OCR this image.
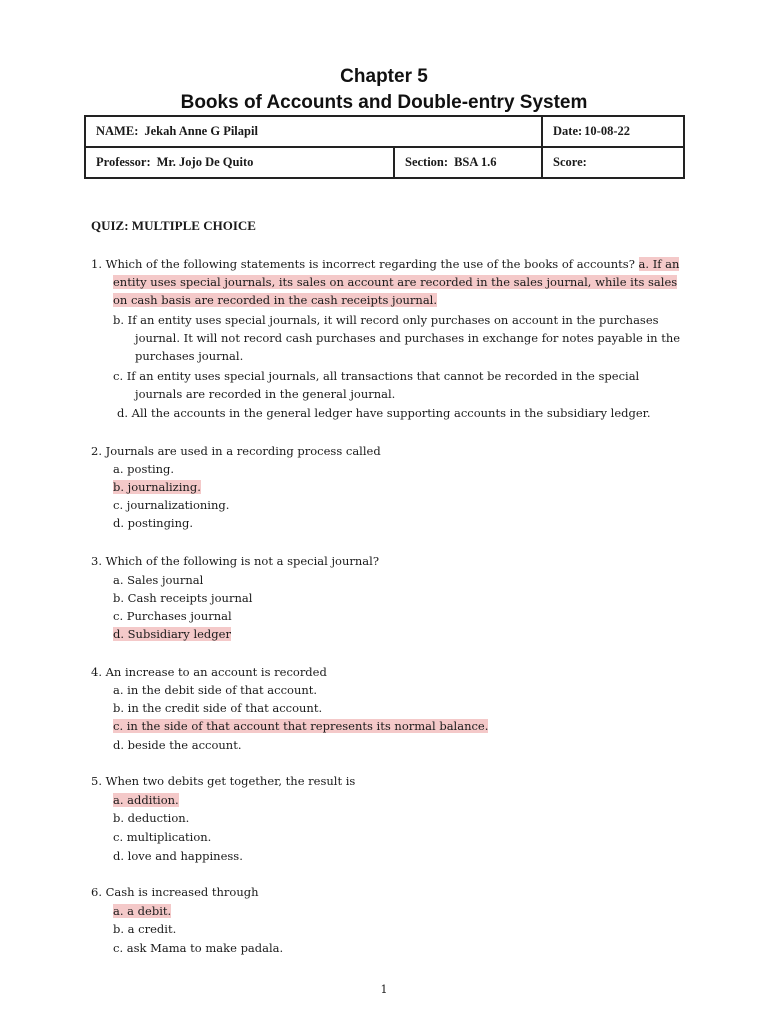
Chapter 5
Books of Accounts and Double-entry System
NAME: Jekah Anne G Pilapil		Date: 10-08-22
Professor: Mr. Jojo De Quito	Section: BSA 1.6	Score:
QUIZ: MULTIPLE CHOICE
1. Which of the following statements is incorrect regarding the use of the books of accounts? a. If an
entity uses special journals, its sales on account are recorded in the sales journal, while its sales
on cash basis are recorded in the cash receipts journal.
b. If an entity uses special journals, it will record only purchases on account in the purchases
journal. It will not record cash purchases and purchases in exchange for notes payable in the
purchases journal.
c. If an entity uses special journals, all transactions that cannot be recorded in the special
journals are recorded in the general journal.
d. All the accounts in the general ledger have supporting accounts in the subsidiary ledger.
2. Journals are used in a recording process called
a. posting.
b. journalizing.
c. journalizationing.
d. postinging.
3. Which of the following is not a special journal?
a. Sales journal
b. Cash receipts journal
c. Purchases journal
d. Subsidiary ledger
4. An increase to an account is recorded
a. in the debit side of that account.
b. in the credit side of that account.
c. in the side of that account that represents its normal balance.
d. beside the account.
5. When two debits get together, the result is
a. addition.
b. deduction.
c. multiplication.
d. love and happiness.
6. Cash is increased through
a. a debit.
b. a credit.
c. ask Mama to make padala.
1
